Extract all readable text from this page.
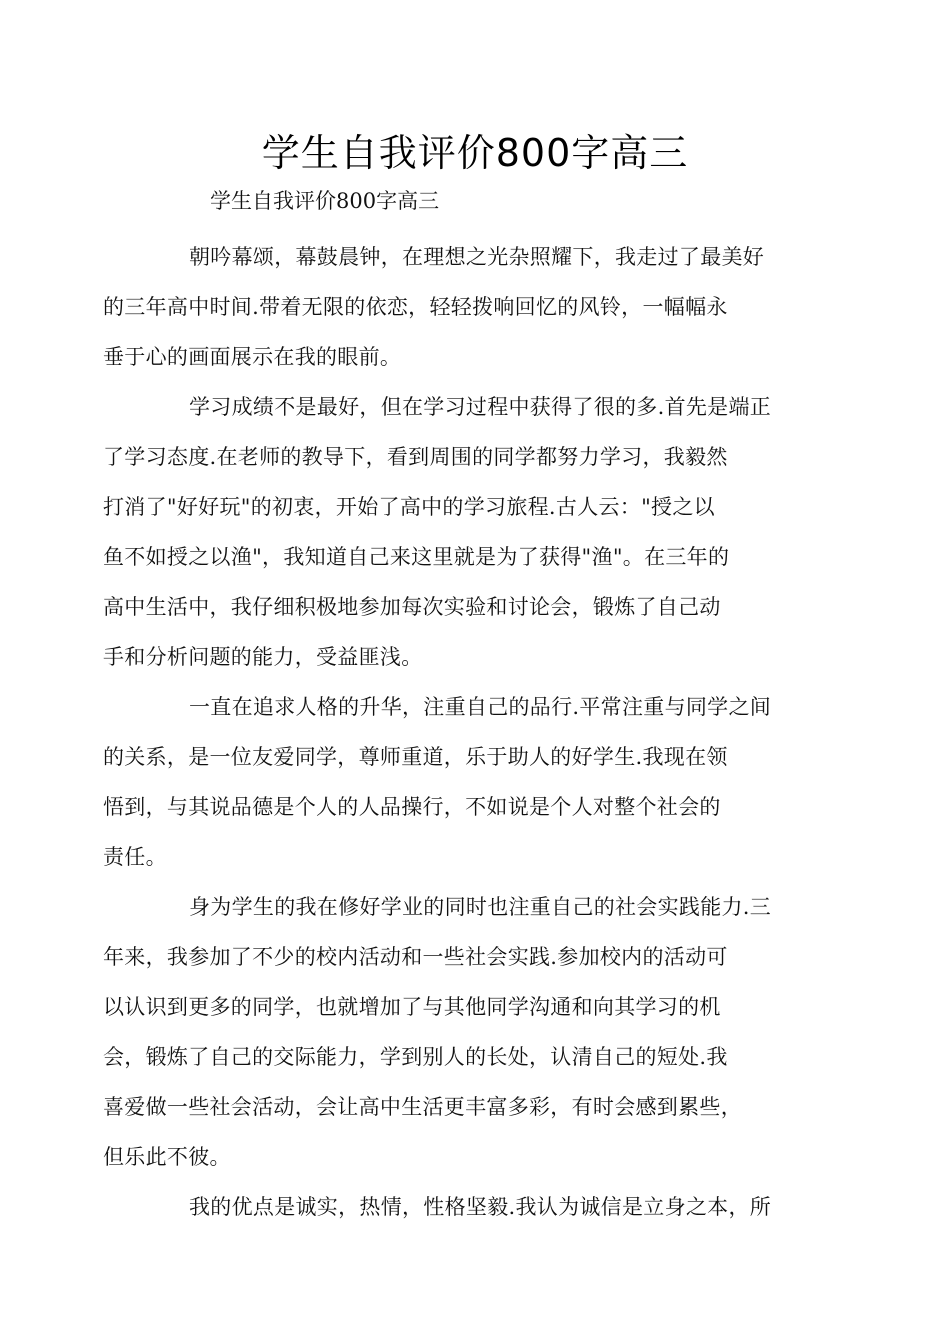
学生自我评价800字高三

学生自我评价800字高三

朝吟幕颂，幕鼓晨钟，在理想之光杂照耀下，我走过了最美好
的三年高中时间.带着无限的依恋，轻轻拨响回忆的风铃，一幅幅永
垂于心的画面展示在我的眼前。

学习成绩不是最好，但在学习过程中获得了很的多.首先是端正
了学习态度.在老师的教导下，看到周围的同学都努力学习，我毅然
打消了"好好玩"的初衷，开始了高中的学习旅程.古人云："授之以
鱼不如授之以渔"，我知道自己来这里就是为了获得"渔"。在三年的
高中生活中，我仔细积极地参加每次实验和讨论会，锻炼了自己动
手和分析问题的能力，受益匪浅。

一直在追求人格的升华，注重自己的品行.平常注重与同学之间
的关系，是一位友爱同学，尊师重道，乐于助人的好学生.我现在领
悟到，与其说品德是个人的人品操行，不如说是个人对整个社会的
责任。

身为学生的我在修好学业的同时也注重自己的社会实践能力.三
年来，我参加了不少的校内活动和一些社会实践.参加校内的活动可
以认识到更多的同学，也就增加了与其他同学沟通和向其学习的机
会，锻炼了自己的交际能力，学到别人的长处，认清自己的短处.我
喜爱做一些社会活动，会让高中生活更丰富多彩，有时会感到累些，
但乐此不彼。

我的优点是诚实，热情，性格坚毅.我认为诚信是立身之本，所
